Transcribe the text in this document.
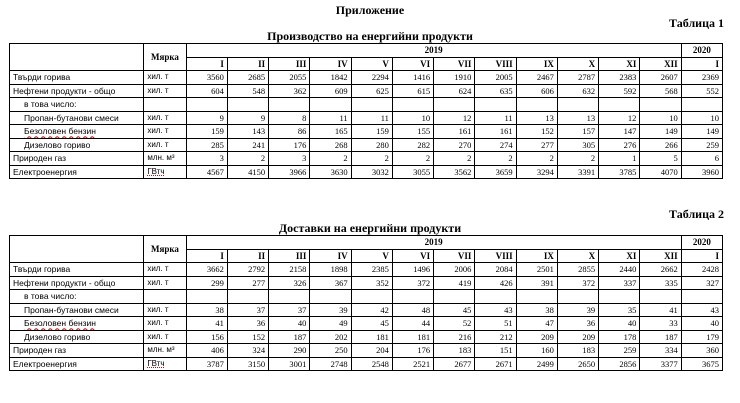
Приложение
Таблица 1
Производство на енергийни продукти
	Мярка	2019												2020
		I	II	III	IV	V	VI	VII	VIII	IX	X	XI	XII	I
Твърди горива	хил. т	3560	2685	2055	1842	2294	1416	1910	2005	2467	2787	2383	2607	2369
Нефтени продукти - общо	хил. т	604	548	362	609	625	615	624	635	606	632	592	568	552
в това число:														
Пропан-бутанови смеси	хил. т	9	9	8	11	11	10	12	11	13	13	12	10	10
Безоловен бензин	хил. т	159	143	86	165	159	155	161	161	152	157	147	149	149
Дизелово гориво	хил. т	285	241	176	268	280	282	270	274	277	305	276	266	259
Природен газ	млн. м³	3	2	3	2	2	2	2	2	2	2	1	5	6
Електроенергия	ГВтч	4567	4150	3966	3630	3032	3055	3562	3659	3294	3391	3785	4070	3960
Таблица 2
Доставки на енергийни продукти
	Мярка	2019												2020
		I	II	III	IV	V	VI	VII	VIII	IX	X	XI	XII	I
Твърди горива	хил. т	3662	2792	2158	1898	2385	1496	2006	2084	2501	2855	2440	2662	2428
Нефтени продукти - общо	хил. т	299	277	326	367	352	372	419	426	391	372	337	335	327
в това число:														
Пропан-бутанови смеси	хил. т	38	37	37	39	42	48	45	43	38	39	35	41	43
Безоловен бензин	хил. т	41	36	40	49	45	44	52	51	47	36	40	33	40
Дизелово гориво	хил. т	156	152	187	202	181	181	216	212	209	209	178	187	179
Природен газ	млн. м³	406	324	290	250	204	176	183	151	160	183	259	334	360
Електроенергия	ГВтч	3787	3150	3001	2748	2548	2521	2677	2671	2499	2650	2856	3377	3675
